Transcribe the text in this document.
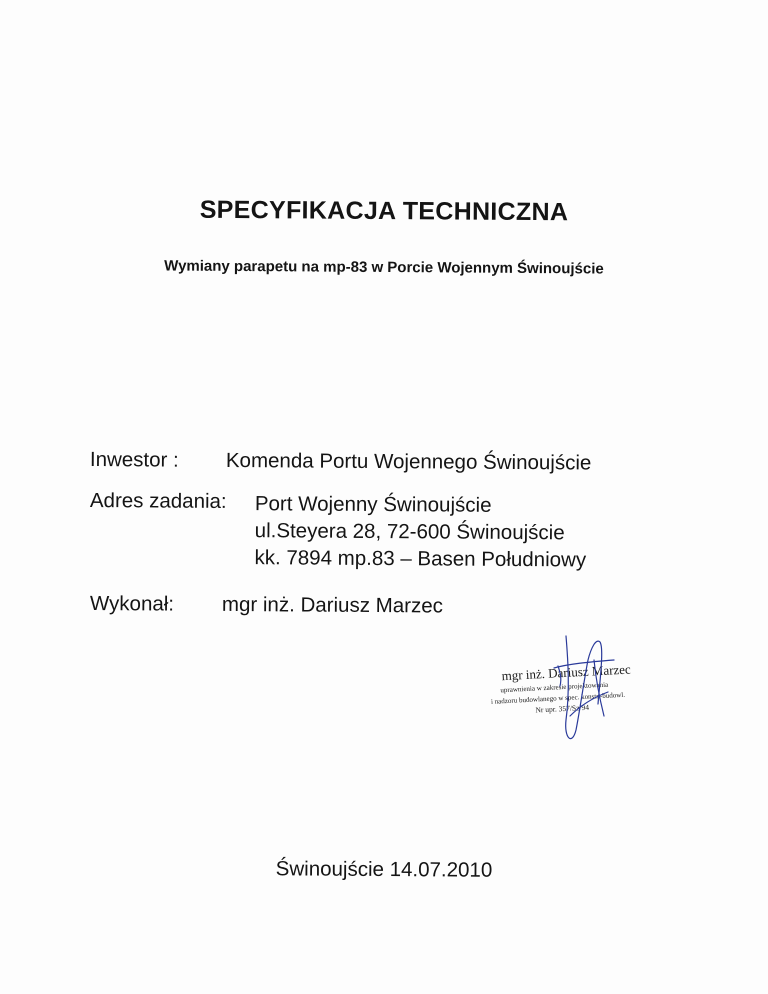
SPECYFIKACJA TECHNICZNA
Wymiany parapetu na mp-83 w Porcie Wojennym Świnoujście
Inwestor : Komenda Portu Wojennego Świnoujście
Adres zadania: Port Wojenny Świnoujście
ul.Steyera 28, 72-600 Świnoujście
kk. 7894 mp.83 – Basen Południowy
Wykonał: mgr inż. Dariusz Marzec
mgr inż. Dariusz Marzec
uprawnienia w zakresie projektowania
i nadzoru budowlanego w spec. konstr.-budowl.
Nr upr. 357/Sz/94
Świnoujście 14.07.2010
